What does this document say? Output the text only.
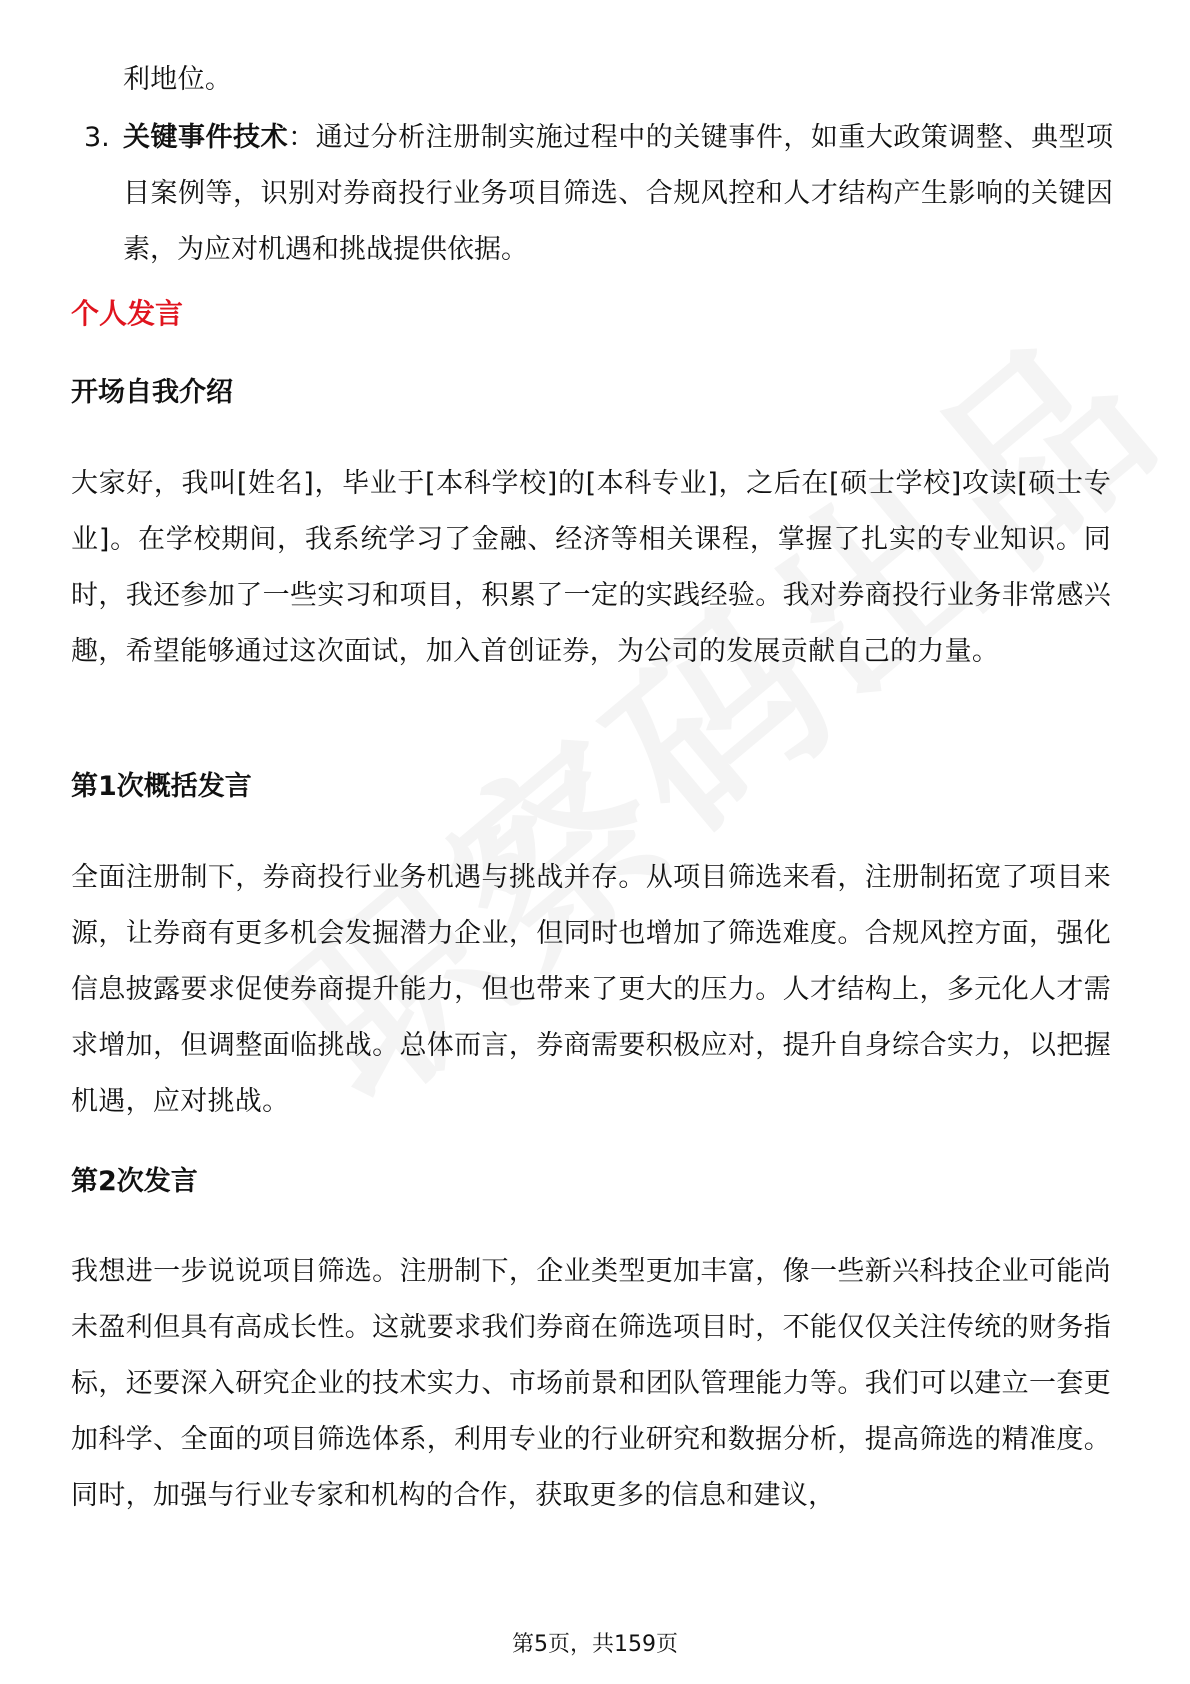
利地位。
3. 关键事件技术：通过分析注册制实施过程中的关键事件，如重大政策调整、典型项目案例等，识别对券商投行业务项目筛选、合规风控和人才结构产生影响的关键因素，为应对机遇和挑战提供依据。
个人发言
开场自我介绍
大家好，我叫[姓名]，毕业于[本科学校]的[本科专业]，之后在[硕士学校]攻读[硕士专业]。在学校期间，我系统学习了金融、经济等相关课程，掌握了扎实的专业知识。同时，我还参加了一些实习和项目，积累了一定的实践经验。我对券商投行业务非常感兴趣，希望能够通过这次面试，加入首创证券，为公司的发展贡献自己的力量。
第1次概括发言
全面注册制下，券商投行业务机遇与挑战并存。从项目筛选来看，注册制拓宽了项目来源，让券商有更多机会发掘潜力企业，但同时也增加了筛选难度。合规风控方面，强化信息披露要求促使券商提升能力，但也带来了更大的压力。人才结构上，多元化人才需求增加，但调整面临挑战。总体而言，券商需要积极应对，提升自身综合实力，以把握机遇，应对挑战。
第2次发言
我想进一步说说项目筛选。注册制下，企业类型更加丰富，像一些新兴科技企业可能尚未盈利但具有高成长性。这就要求我们券商在筛选项目时，不能仅仅关注传统的财务指标，还要深入研究企业的技术实力、市场前景和团队管理能力等。我们可以建立一套更加科学、全面的项目筛选体系，利用专业的行业研究和数据分析，提高筛选的精准度。同时，加强与行业专家和机构的合作，获取更多的信息和建议，
第5页，共159页
